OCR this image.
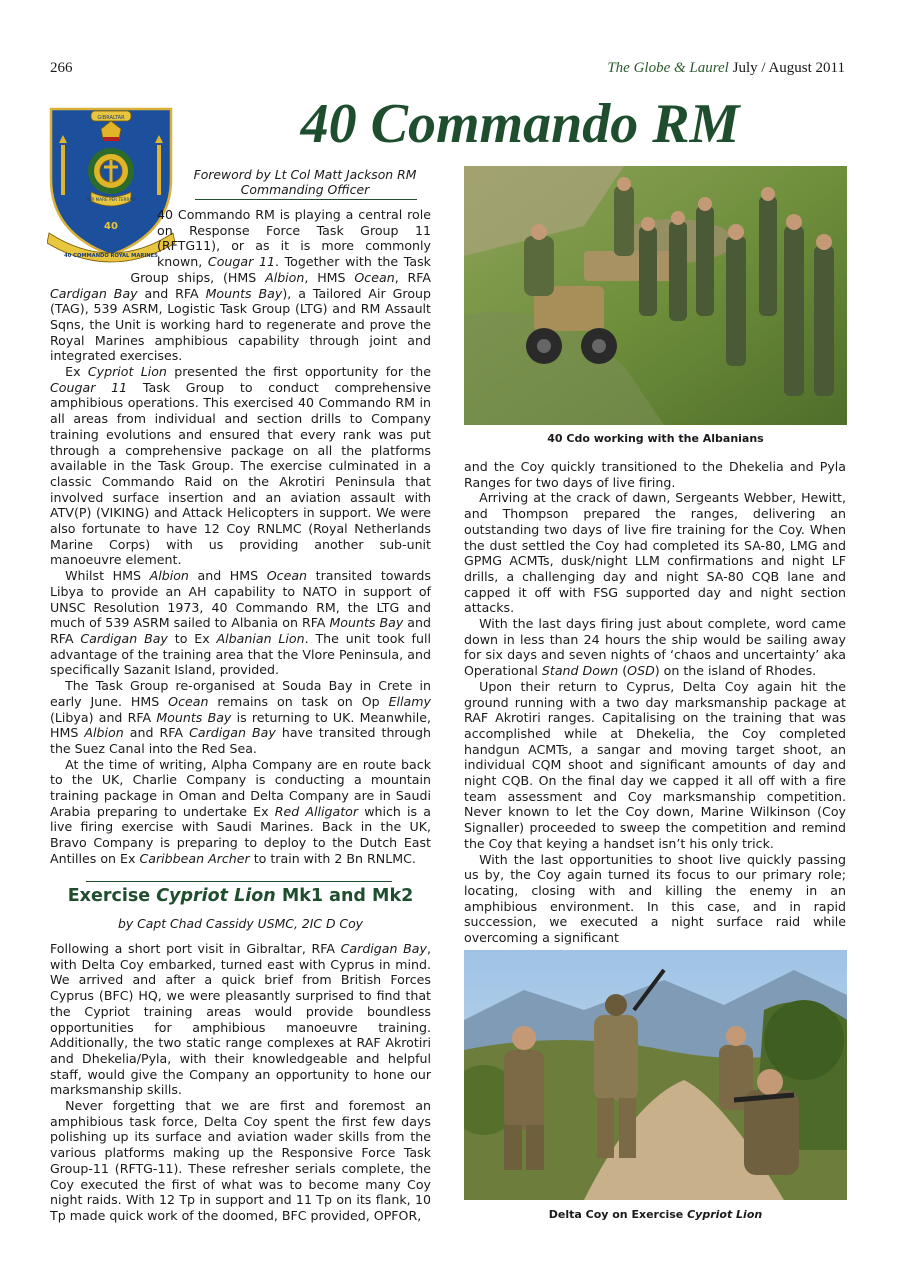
266	The Globe & Laurel July / August 2011
40 Commando RM
GIBRALTAR
PER MARE PER TERRAM
40
40 COMMANDO ROYAL MARINES
Foreword by Lt Col Matt Jackson RM
Commanding Officer

40 Commando RM is playing a central role on Response Force Task Group 11 (RFTG11), or as it is more commonly known, Cougar 11. Together with the Task Group ships, (HMS Albion, HMS Ocean, RFA Cardigan Bay and RFA Mounts Bay), a Tailored Air Group (TAG), 539 ASRM, Logistic Task Group (LTG) and RM Assault Sqns, the Unit is working hard to regenerate and prove the Royal Marines amphibious capability through joint and integrated exercises.

Ex Cypriot Lion presented the first opportunity for the Cougar 11 Task Group to conduct comprehensive amphibious operations. This exercised 40 Commando RM in all areas from individual and section drills to Company training evolutions and ensured that every rank was put through a comprehensive package on all the platforms available in the Task Group. The exercise culminated in a classic Commando Raid on the Akrotiri Peninsula that involved surface insertion and an aviation assault with ATV(P) (VIKING) and Attack Helicopters in support. We were also fortunate to have 12 Coy RNLMC (Royal Netherlands Marine Corps) with us providing another sub-unit manoeuvre element.

Whilst HMS Albion and HMS Ocean transited towards Libya to provide an AH capability to NATO in support of UNSC Resolution 1973, 40 Commando RM, the LTG and much of 539 ASRM sailed to Albania on RFA Mounts Bay and RFA Cardigan Bay to Ex Albanian Lion. The unit took full advantage of the training area that the Vlore Peninsula, and specifically Sazanit Island, provided.

The Task Group re-organised at Souda Bay in Crete in early June. HMS Ocean remains on task on Op Ellamy (Libya) and RFA Mounts Bay is returning to UK. Meanwhile, HMS Albion and RFA Cardigan Bay have transited through the Suez Canal into the Red Sea.

At the time of writing, Alpha Company are en route back to the UK, Charlie Company is conducting a mountain training package in Oman and Delta Company are in Saudi Arabia preparing to undertake Ex Red Alligator which is a live firing exercise with Saudi Marines. Back in the UK, Bravo Company is preparing to deploy to the Dutch East Antilles on Ex Caribbean Archer to train with 2 Bn RNLMC.

Exercise Cypriot Lion Mk1 and Mk2
by Capt Chad Cassidy USMC, 2IC D Coy

Following a short port visit in Gibraltar, RFA Cardigan Bay, with Delta Coy embarked, turned east with Cyprus in mind. We arrived and after a quick brief from British Forces Cyprus (BFC) HQ, we were pleasantly surprised to find that the Cypriot training areas would provide boundless opportunities for amphibious manoeuvre training. Additionally, the two static range complexes at RAF Akrotiri and Dhekelia/Pyla, with their knowledgeable and helpful staff, would give the Company an opportunity to hone our marksmanship skills.

Never forgetting that we are first and foremost an amphibious task force, Delta Coy spent the first few days polishing up its surface and aviation wader skills from the various platforms making up the Responsive Force Task Group-11 (RFTG-11). These refresher serials complete, the Coy executed the first of what was to become many Coy night raids. With 12 Tp in support and 11 Tp on its flank, 10 Tp made quick work of the doomed, BFC provided, OPFOR,

40 Cdo working with the Albanians

and the Coy quickly transitioned to the Dhekelia and Pyla Ranges for two days of live firing.

Arriving at the crack of dawn, Sergeants Webber, Hewitt, and Thompson prepared the ranges, delivering an outstanding two days of live fire training for the Coy. When the dust settled the Coy had completed its SA-80, LMG and GPMG ACMTs, dusk/night LLM confirmations and night LF drills, a challenging day and night SA-80 CQB lane and capped it off with FSG supported day and night section attacks.

With the last days firing just about complete, word came down in less than 24 hours the ship would be sailing away for six days and seven nights of ‘chaos and uncertainty’ aka Operational Stand Down (OSD) on the island of Rhodes.

Upon their return to Cyprus, Delta Coy again hit the ground running with a two day marksmanship package at RAF Akrotiri ranges. Capitalising on the training that was accomplished while at Dhekelia, the Coy completed handgun ACMTs, a sangar and moving target shoot, an individual CQM shoot and significant amounts of day and night CQB. On the final day we capped it all off with a fire team assessment and Coy marksmanship competition. Never known to let the Coy down, Marine Wilkinson (Coy Signaller) proceeded to sweep the competition and remind the Coy that keying a handset isn’t his only trick.

With the last opportunities to shoot live quickly passing us by, the Coy again turned its focus to our primary role; locating, closing with and killing the enemy in an amphibious environment. In this case, and in rapid succession, we executed a night surface raid while overcoming a significant

Delta Coy on Exercise Cypriot Lion
